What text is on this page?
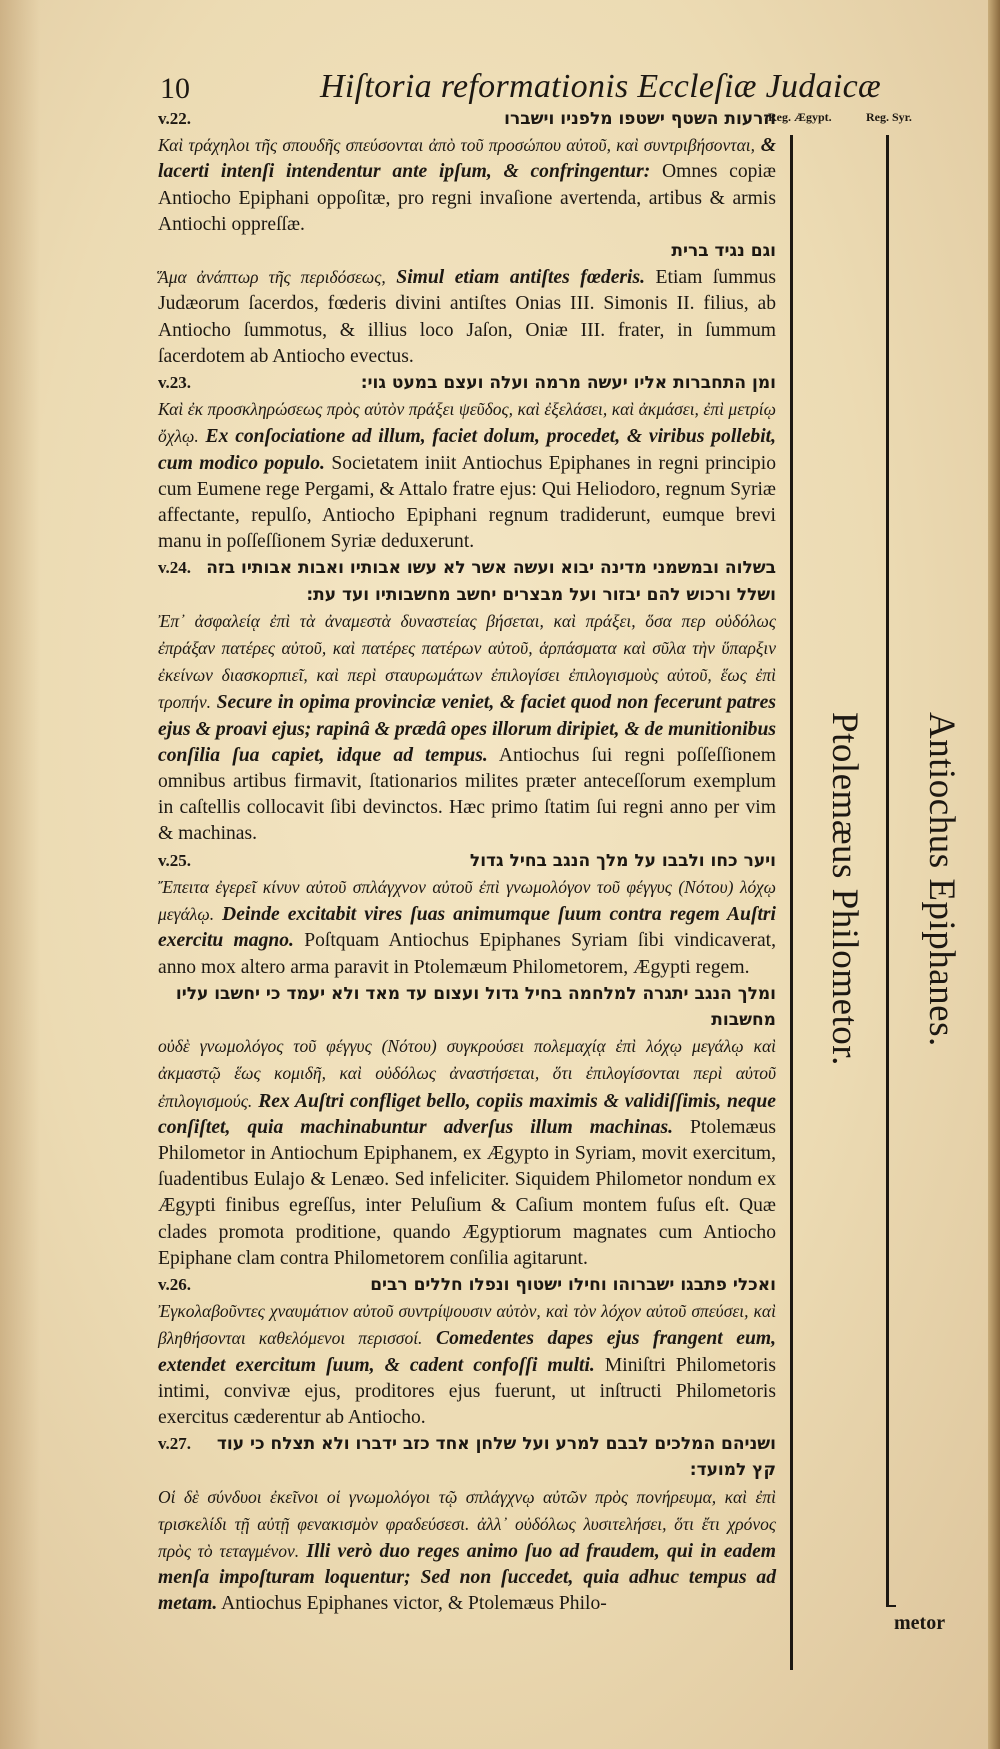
10	Hiſtoria reformationis Eccleſiæ Judaicæ
Reg. Ægypt.	Reg. Syr.

v.22.	וזרעות השטף ישטפו מלפניו וישברו

Καὶ τράχηλοι τῆς σπουδῆς σπεύσονται ἀπὸ τοῦ προσώπου αὐτοῦ, καὶ συντριβήσονται, & lacerti intenſi intendentur ante ipſum, & confringentur: Omnes copiæ Antiocho Epiphani oppoſitæ, pro regni invaſione avertenda, artibus & armis Antiochi oppreſſæ.

וגם נגיד ברית

Ἅμα ἀνάπτωρ τῆς περιδόσεως, Simul etiam antiſtes fœderis. Etiam ſummus Judæorum ſacerdos, fœderis divini antiſtes Onias III. Simonis II. filius, ab Antiocho ſummotus, & illius loco Jaſon, Oniæ III. frater, in ſummum ſacerdotem ab Antiocho evectus.

v.23.	ומן התחברות אליו יעשה מרמה ועלה ועצם במעט גוי:

Καὶ ἐκ προσκληρώσεως πρὸς αὐτὸν πράξει ψεῦδος, καὶ ἐξελάσει, καὶ ἀκμάσει, ἐπὶ μετρίῳ ὄχλῳ. Ex conſociatione ad illum, faciet dolum, procedet, & viribus pollebit, cum modico populo. Societatem iniit Antiochus Epiphanes in regni principio cum Eumene rege Pergami, & Attalo fratre ejus: Qui Heliodoro, regnum Syriæ affectante, repulſo, Antiocho Epiphani regnum tradiderunt, eumque brevi manu in poſſeſſionem Syriæ deduxerunt.

v.24. בשלוה ובמשמני מדינה יבוא ועשה אשר לא עשו אבותיו ואבות אבותיו בזה ושלל ורכוש להם יבזור ועל מבצרים יחשב מחשבותיו ועד עת:

Ἐπ᾽ ἀσφαλείᾳ ἐπὶ τὰ ἀναμεστὰ δυναστείας βήσεται, καὶ πράξει, ὅσα περ οὐδόλως ἐπράξαν πατέρες αὐτοῦ, καὶ πατέρες πατέρων αὐτοῦ, ἁρπάσματα καὶ σῦλα τὴν ὕπαρξιν ἐκείνων διασκορπιεῖ, καὶ περὶ σταυρωμάτων ἐπιλογίσει ἐπιλογισμοὺς αὐτοῦ, ἕως ἐπὶ τροπήν. Secure in opima provinciæ veniet, & faciet quod non fecerunt patres ejus & proavi ejus; rapinâ & prædâ opes illorum diripiet, & de munitionibus conſilia ſua capiet, idque ad tempus. Antiochus ſui regni poſſeſſionem omnibus artibus firmavit, ſtationarios milites præter anteceſſorum exemplum in caſtellis collocavit ſibi devinctos. Hæc primo ſtatim ſui regni anno per vim & machinas.

v.25.	ויער כחו ולבבו על מלך הנגב בחיל גדול

Ἔπειτα ἐγερεῖ κίνυν αὐτοῦ σπλάγχνον αὐτοῦ ἐπὶ γνωμολόγον τοῦ φέγγυς (Νότου) λόχῳ μεγάλῳ. Deinde excitabit vires ſuas animumque ſuum contra regem Auſtri exercitu magno. Poſtquam Antiochus Epiphanes Syriam ſibi vindicaverat, anno mox altero arma paravit in Ptolemæum Philometorem, Ægypti regem.

ומלך הנגב יתגרה למלחמה בחיל גדול ועצום עד מאד ולא יעמד כי יחשבו עליו מחשבות

οὐδὲ γνωμολόγος τοῦ φέγγυς (Νότου) συγκρούσει πολεμαχίᾳ ἐπὶ λόχῳ μεγάλῳ καὶ ἀκμαστῷ ἕως κομιδῆ, καὶ οὐδόλως ἀναστήσεται, ὅτι ἐπιλογίσονται περὶ αὐτοῦ ἐπιλογισμούς. Rex Auſtri confliget bello, copiis maximis & validiſſimis, neque conſiſtet, quia machinabuntur adverſus illum machinas. Ptolemæus Philometor in Antiochum Epiphanem, ex Ægypto in Syriam, movit exercitum, ſuadentibus Eulajo & Lenæo. Sed infeliciter. Siquidem Philometor nondum ex Ægypti finibus egreſſus, inter Peluſium & Caſium montem fuſus eſt. Quæ clades promota proditione, quando Ægyptiorum magnates cum Antiocho Epiphane clam contra Philometorem conſilia agitarunt.

v.26.	ואכלי פתבגו ישברוהו וחילו ישטוף ונפלו חללים רבים

Ἐγκολαβοῦντες χναυμάτιον αὐτοῦ συντρίψουσιν αὐτὸν, καὶ τὸν λόχον αὐτοῦ σπεύσει, καὶ βληθήσονται καθελόμενοι περισσοί. Comedentes dapes ejus frangent eum, extendet exercitum ſuum, & cadent confoſſi multi. Miniſtri Philometoris intimi, convivæ ejus, proditores ejus fuerunt, ut inſtructi Philometoris exercitus cæderentur ab Antiocho.

v.27.	ושניהם המלכים לבבם למרע ועל שלחן אחד כזב ידברו ולא תצלח כי עוד קץ למועד:

Οἱ δὲ σύνδυοι ἐκεῖνοι οἱ γνωμολόγοι τῷ σπλάγχνῳ αὐτῶν πρὸς πονήρευμα, καὶ ἐπὶ τρισκελίδι τῇ αὐτῇ φενακισμὸν φραδεύσεσι. ἀλλ᾽ οὐδόλως λυσιτελήσει, ὅτι ἔτι χρόνος πρὸς τὸ τεταγμένον. Illi verò duo reges animo ſuo ad fraudem, qui in eadem menſa impoſturam loquentur; Sed non ſuccedet, quia adhuc tempus ad metam. Antiochus Epiphanes victor, & Ptolemæus Philo-

Ptolemæus Philometor. Antiochus Epiphanes.
metor
